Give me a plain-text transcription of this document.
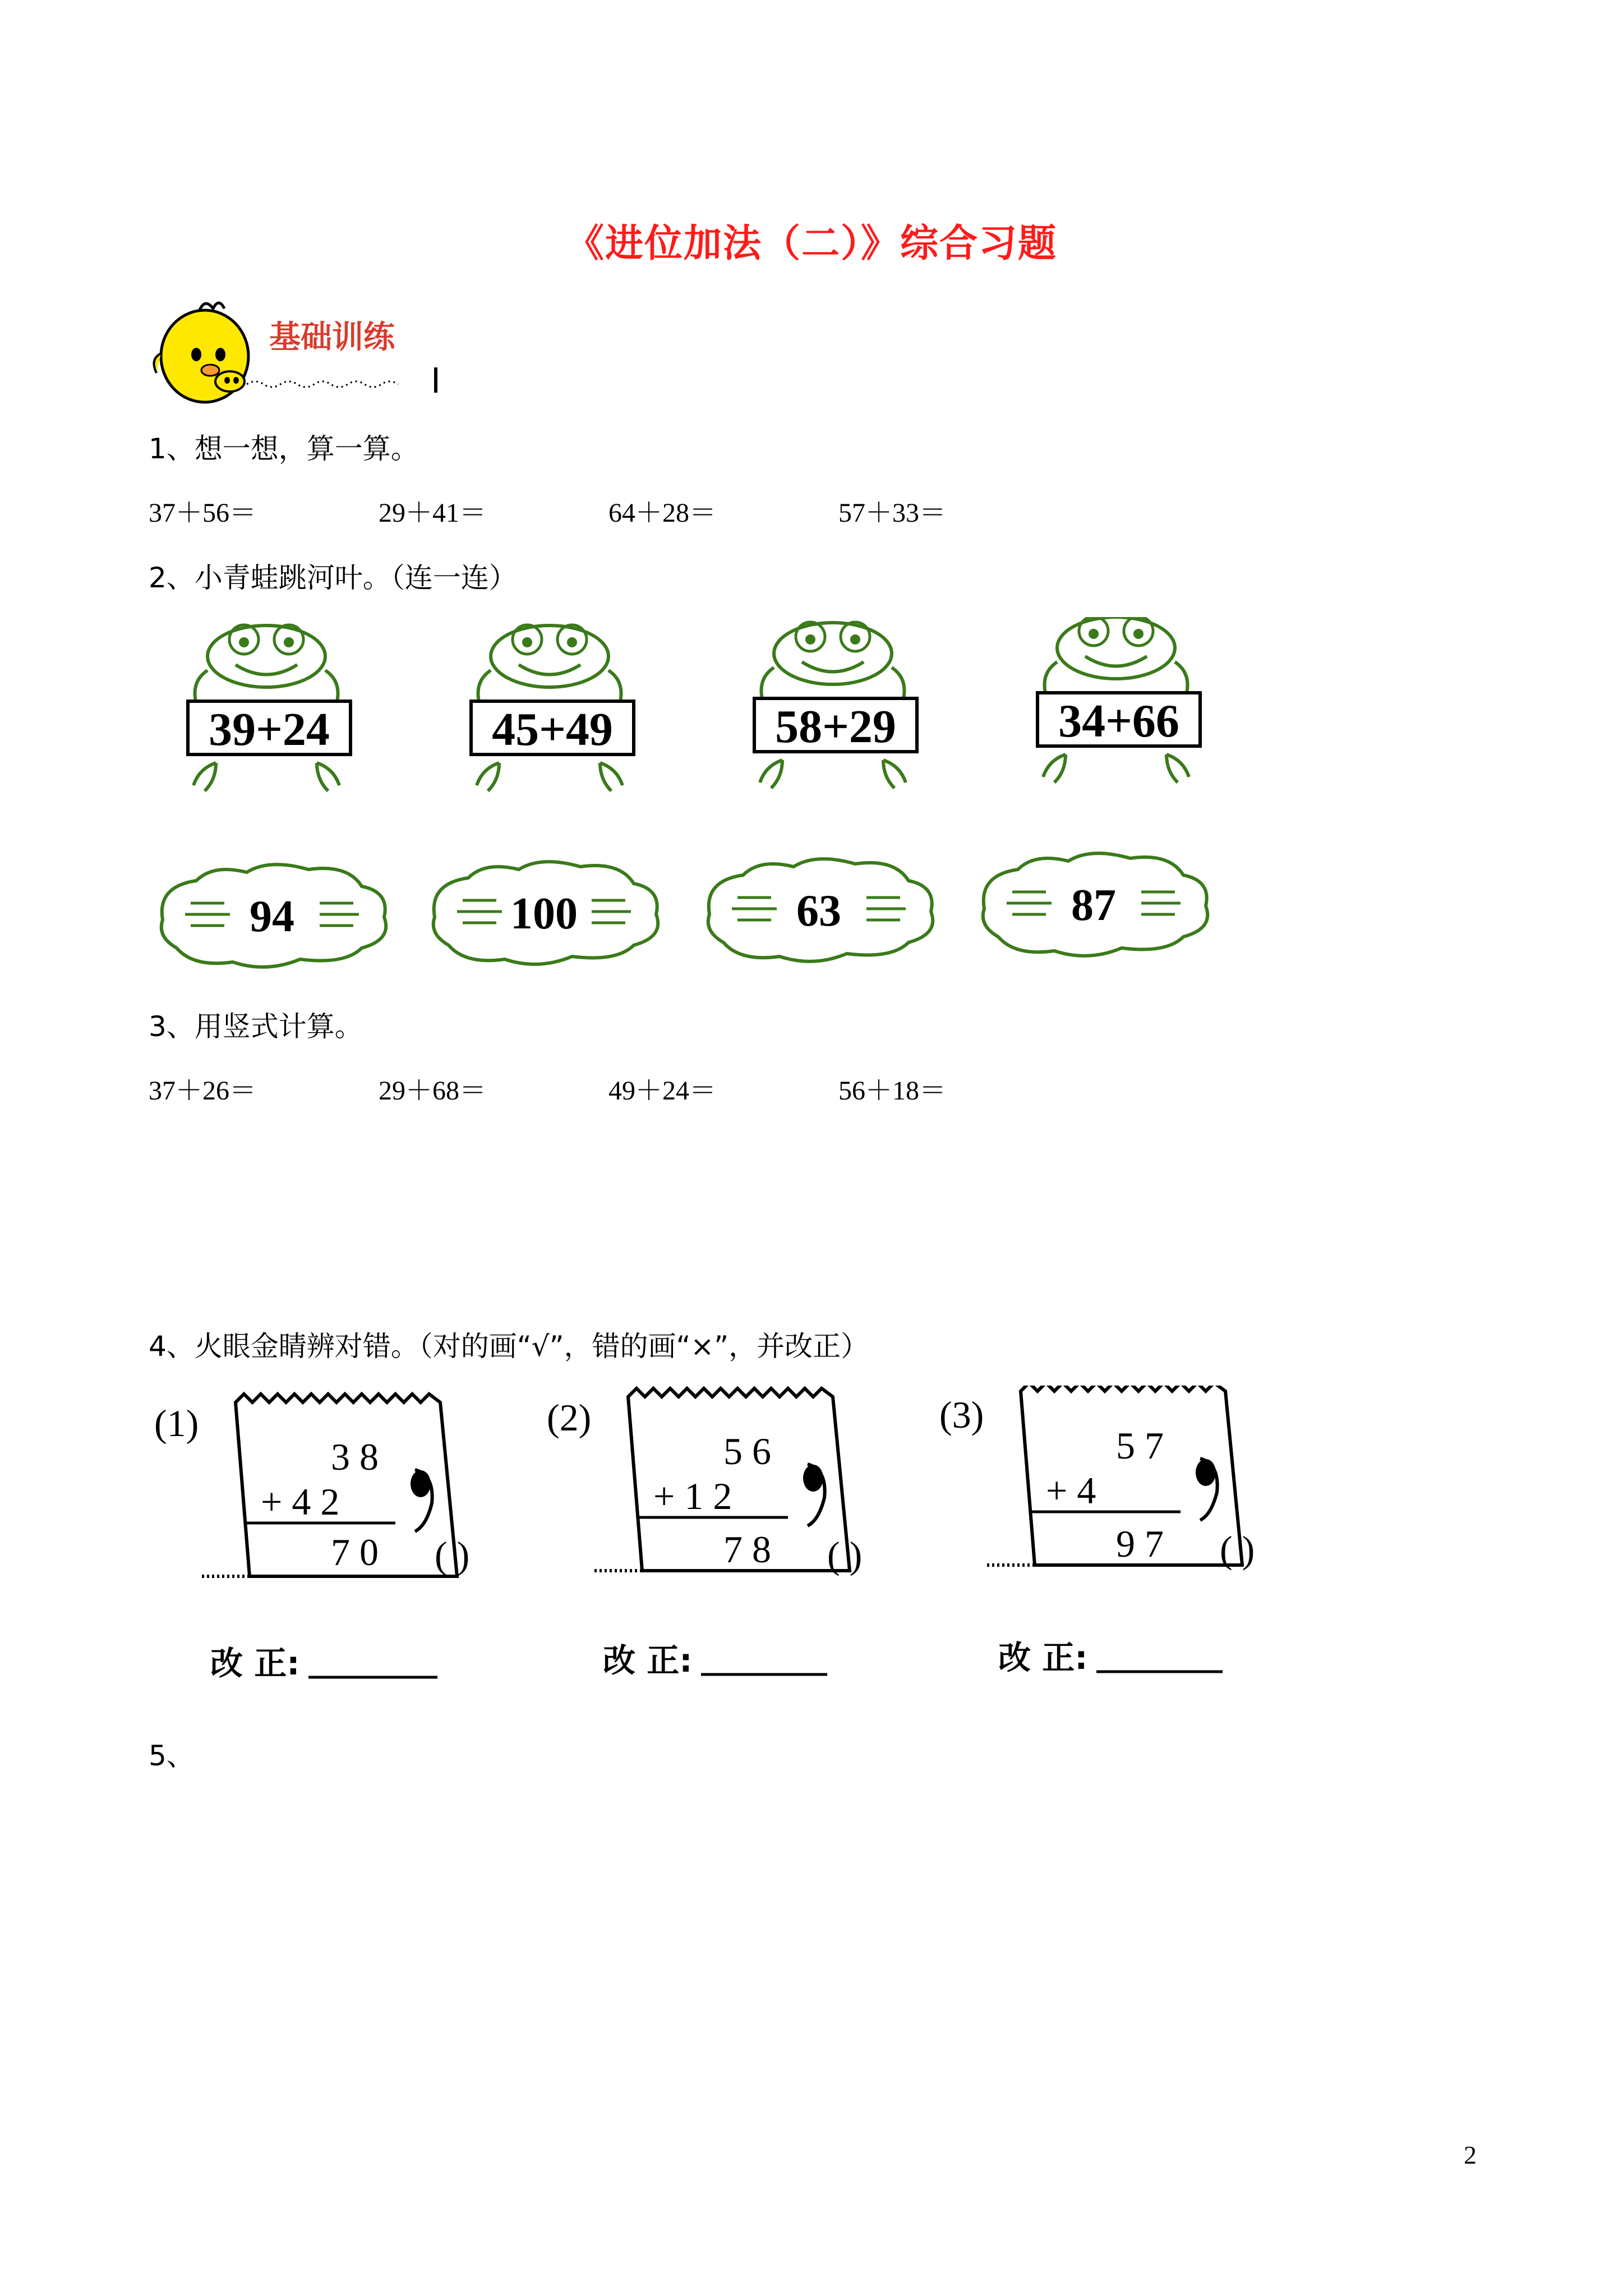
《进位加法（二）》综合习题
基础训练
1、想一想，算一算。
37＋56＝	29＋41＝	64＋28＝	57＋33＝
2、小青蛙跳河叶。（连一连）
39+24	45+49	58+29	34+66
94	100	63	87
3、用竖式计算。
37＋26＝	29＋68＝	49＋24＝	56＋18＝
4、火眼金睛辨对错。（对的画“√”，错的画“×”，并改正）
(1)
3 8
+ 4 2
7 0 ( )
改 正:
(2)
5 6
+ 1 2
7 8 ( )
改 正:
(3)
5 7
+ 4
9 7 ( )
改 正:
5、
2
